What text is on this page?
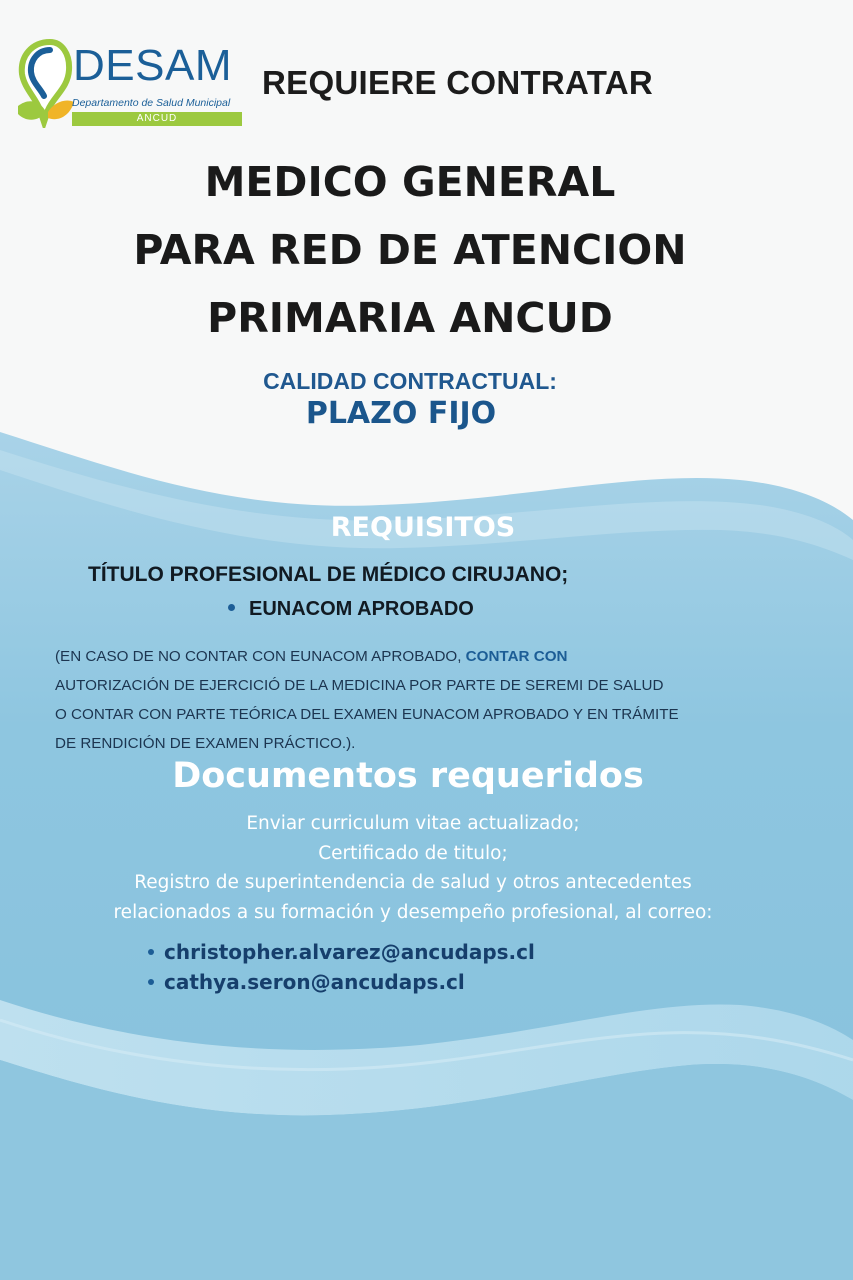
DESAM
Departamento de Salud Municipal
ANCUD
REQUIERE CONTRATAR
MEDICO GENERAL
PARA RED DE ATENCION
PRIMARIA ANCUD
CALIDAD CONTRACTUAL:
PLAZO FIJO
REQUISITOS
TÍTULO PROFESIONAL DE MÉDICO CIRUJANO;
EUNACOM APROBADO
(EN CASO DE NO CONTAR CON EUNACOM APROBADO, CONTAR CON
AUTORIZACIÓN DE EJERCICIÓ DE LA MEDICINA POR PARTE DE SEREMI DE SALUD
O CONTAR CON PARTE TEÓRICA DEL EXAMEN EUNACOM APROBADO Y EN TRÁMITE
DE RENDICIÓN DE EXAMEN PRÁCTICO.).
Documentos requeridos
Enviar curriculum vitae actualizado;
Certificado de titulo;
Registro de superintendencia de salud y otros antecedentes
relacionados a su formación y desempeño profesional, al correo:
christopher.alvarez@ancudaps.cl
cathya.seron@ancudaps.cl
